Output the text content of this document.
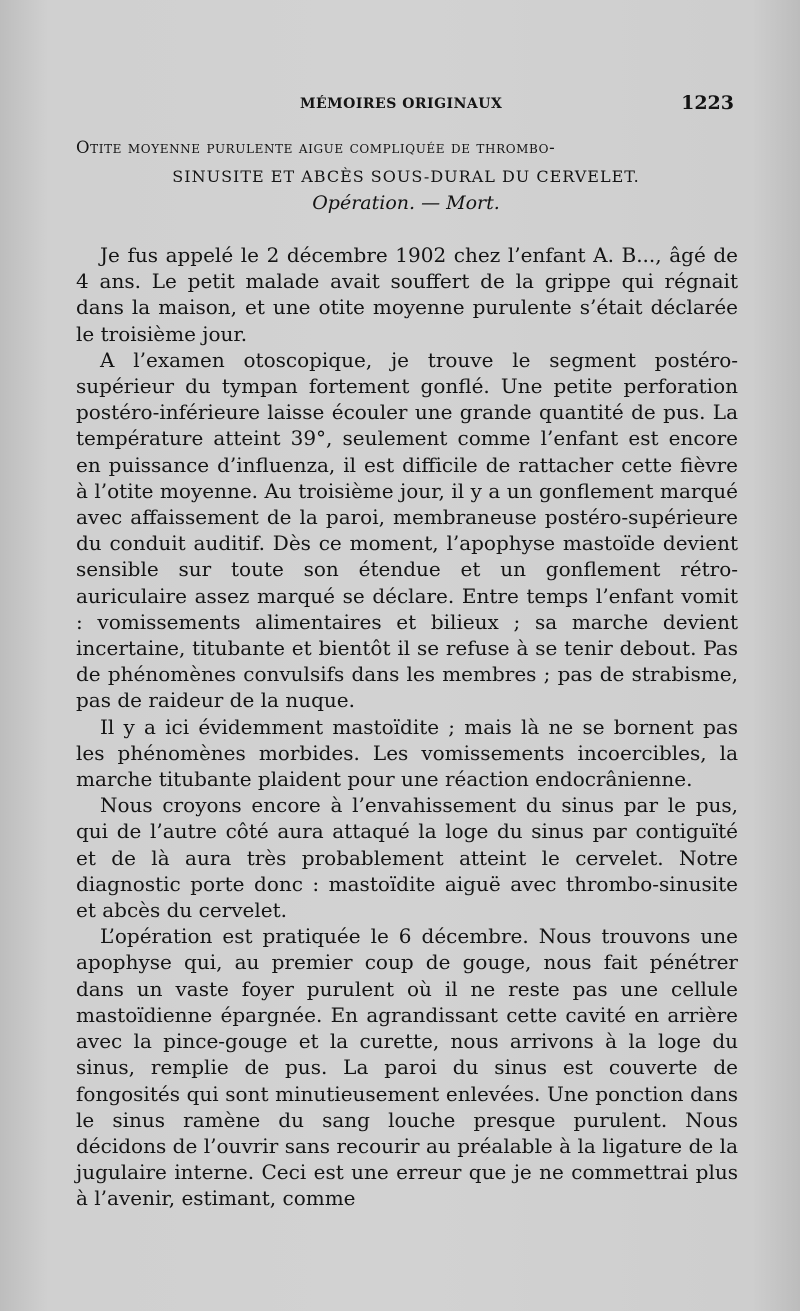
MÉMOIRES ORIGINAUX	1223
Otite moyenne purulente aigue compliquée de thrombo-
SINUSITE ET ABCÈS SOUS-DURAL DU CERVELET.
Opération. — Mort.

Je fus appelé le 2 décembre 1902 chez l’enfant A. B..., âgé de 4 ans. Le petit malade avait souffert de la grippe qui régnait dans la maison, et une otite moyenne purulente s’était déclarée le troisième jour.

A l’examen otoscopique, je trouve le segment postéro-supérieur du tympan fortement gonflé. Une petite perforation postéro-inférieure laisse écouler une grande quantité de pus. La température atteint 39°, seulement comme l’enfant est encore en puissance d’influenza, il est difficile de rattacher cette fièvre à l’otite moyenne. Au troisième jour, il y a un gonflement marqué avec affaissement de la paroi, membraneuse postéro-supérieure du conduit auditif. Dès ce moment, l’apophyse mastoïde devient sensible sur toute son étendue et un gonflement rétro-auriculaire assez marqué se déclare. Entre temps l’enfant vomit : vomissements alimentaires et bilieux ; sa marche devient incertaine, titubante et bientôt il se refuse à se tenir debout. Pas de phénomènes convulsifs dans les membres ; pas de strabisme, pas de raideur de la nuque.

Il y a ici évidemment mastoïdite ; mais là ne se bornent pas les phénomènes morbides. Les vomissements incoercibles, la marche titubante plaident pour une réaction endocrânienne.

Nous croyons encore à l’envahissement du sinus par le pus, qui de l’autre côté aura attaqué la loge du sinus par contiguïté et de là aura très probablement atteint le cervelet. Notre diagnostic porte donc : mastoïdite aiguë avec thrombo-sinusite et abcès du cervelet.

L’opération est pratiquée le 6 décembre. Nous trouvons une apophyse qui, au premier coup de gouge, nous fait pénétrer dans un vaste foyer purulent où il ne reste pas une cellule mastoïdienne épargnée. En agrandissant cette cavité en arrière avec la pince-gouge et la curette, nous arrivons à la loge du sinus, remplie de pus. La paroi du sinus est couverte de fongosités qui sont minutieusement enlevées. Une ponction dans le sinus ramène du sang louche presque purulent. Nous décidons de l’ouvrir sans recourir au préalable à la ligature de la jugulaire interne. Ceci est une erreur que je ne commettrai plus à l’avenir, estimant, comme
